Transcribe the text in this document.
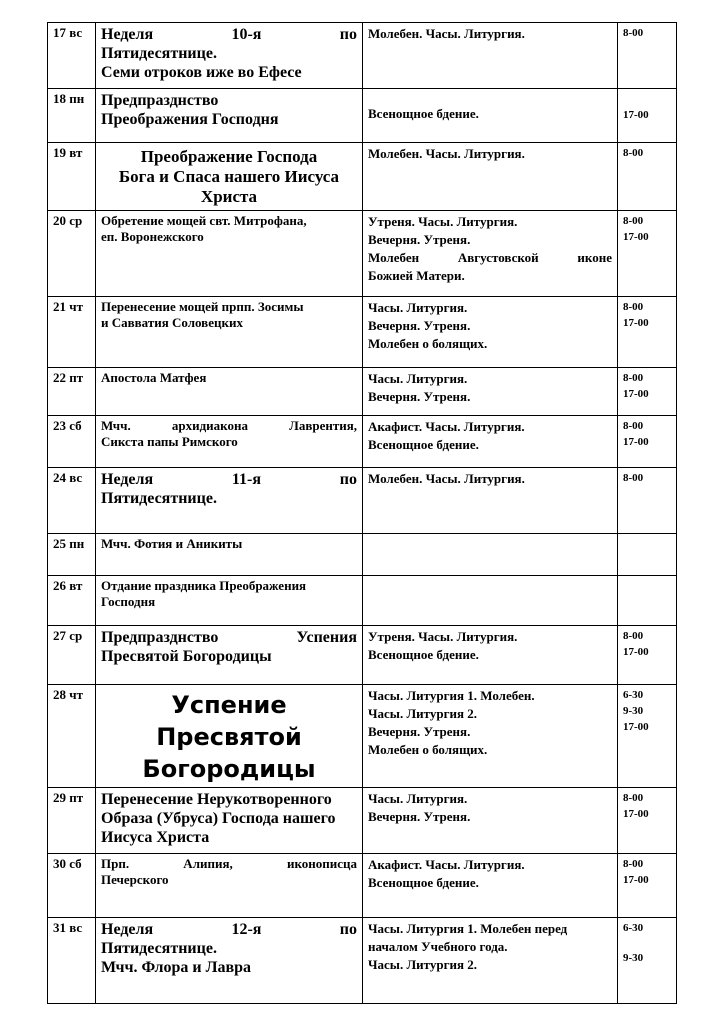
17 вс	Неделя 10-я по
Пятидесятнице.
Семи отроков иже во Ефесе	Молебен. Часы. Литургия.	8-00

18 пн	Предпразднство
Преображения Господня	Всенощное бдение.	17-00

19 вт	Преображение Господа
Бога и Спаса нашего Иисуса
Христа	Молебен. Часы. Литургия.	8-00

20 ср	Обретение мощей свт. Митрофана,
еп. Воронежского	Утреня. Часы. Литургия.
Вечерня. Утреня.
Молебен Августовской иконе
Божией Матери.	8-00
17-00

21 чт	Перенесение мощей прпп. Зосимы
и Савватия Соловецких	Часы. Литургия.
Вечерня. Утреня.
Молебен о болящих.	8-00
17-00

22 пт	Апостола Матфея	Часы. Литургия.
Вечерня. Утреня.	8-00
17-00

23 сб	Мчч. архидиакона Лаврентия,
Сикста папы Римского	Акафист. Часы. Литургия.
Всенощное бдение.	8-00
17-00

24 вс	Неделя 11-я по
Пятидесятнице.	Молебен. Часы. Литургия.	8-00

25 пн	Мчч. Фотия и Аникиты		

26 вт	Отдание праздника Преображения
Господня		

27 ср	Предпразднство Успения
Пресвятой Богородицы	Утреня. Часы. Литургия.
Всенощное бдение.	8-00
17-00

28 чт	Успение Пресвятой
Богородицы	Часы. Литургия 1. Молебен.
Часы. Литургия 2.
Вечерня. Утреня.
Молебен о болящих.	6-30
9-30
17-00

29 пт	Перенесение Нерукотворенного
Образа (Убруса) Господа нашего
Иисуса Христа	Часы. Литургия.
Вечерня. Утреня.	8-00
17-00

30 сб	Прп. Алипия, иконописца
Печерского	Акафист. Часы. Литургия.
Всенощное бдение.	8-00
17-00

31 вс	Неделя 12-я по
Пятидесятнице.
Мчч. Флора и Лавра	Часы. Литургия 1. Молебен перед
началом Учебного года.
Часы. Литургия 2.	6-30
9-30
